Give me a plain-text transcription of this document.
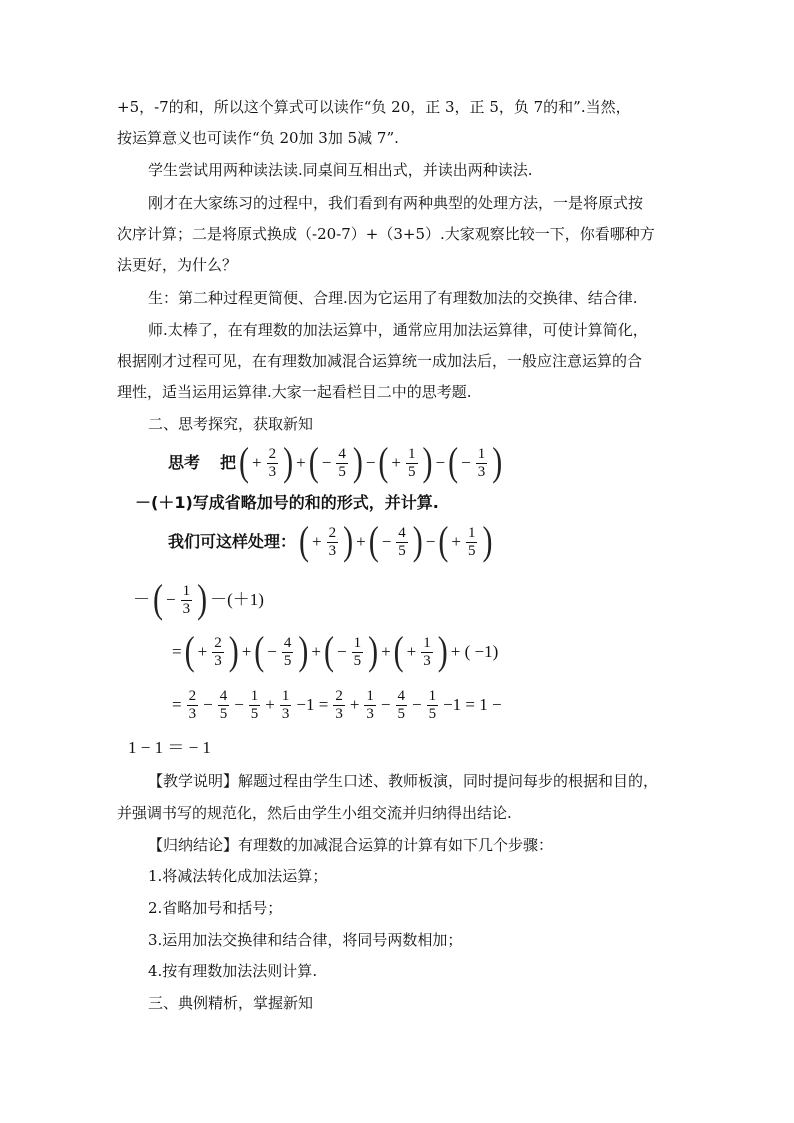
+5，-7的和，所以这个算式可以读作“负 20，正 3，正 5，负 7的和”.当然，
按运算意义也可读作“负 20加 3加 5减 7”.
学生尝试用两种读法读.同桌间互相出式，并读出两种读法.
刚才在大家练习的过程中，我们看到有两种典型的处理方法，一是将原式按
次序计算；二是将原式换成（-20-7）+（3+5）.大家观察比较一下，你看哪种方
法更好，为什么？
生：第二种过程更简便、合理.因为它运用了有理数加法的交换律、结合律.
师.太棒了，在有理数的加法运算中，通常应用加法运算律，可使计算简化，
根据刚才过程可见，在有理数加减混合运算统一成加法后，一般应注意运算的合
理性，适当运用运算律.大家一起看栏目二中的思考题.
二、思考探究，获取新知
思考 把 ( + $\frac{2}{3}$ ) + ( − $\frac{4}{5}$ ) − ( + $\frac{1}{5}$ ) − ( − $\frac{1}{3}$ )
－(＋1)写成省略加号的和的形式，并计算.
我们可这样处理： ( + $\frac{2}{3}$ ) + ( − $\frac{4}{5}$ ) − ( + $\frac{1}{5}$ )
－ ( − $\frac{1}{3}$ ) －(＋1)
= ( + $\frac{2}{3}$ ) + ( − $\frac{4}{5}$ ) + ( − $\frac{1}{5}$ ) + ( + $\frac{1}{3}$ ) + ( −1)
= $\frac{2}{3} - \frac{4}{5} - \frac{1}{5} + \frac{1}{3} -1 = \frac{2}{3} + \frac{1}{3} - \frac{4}{5} - \frac{1}{5} -1 = 1$ −
1 − 1 ＝ − 1
【教学说明】解题过程由学生口述、教师板演，同时提问每步的根据和目的，
并强调书写的规范化，然后由学生小组交流并归纳得出结论.
【归纳结论】有理数的加减混合运算的计算有如下几个步骤：
1.将减法转化成加法运算；
2.省略加号和括号；
3.运用加法交换律和结合律，将同号两数相加；
4.按有理数加法法则计算.
三、典例精析，掌握新知
